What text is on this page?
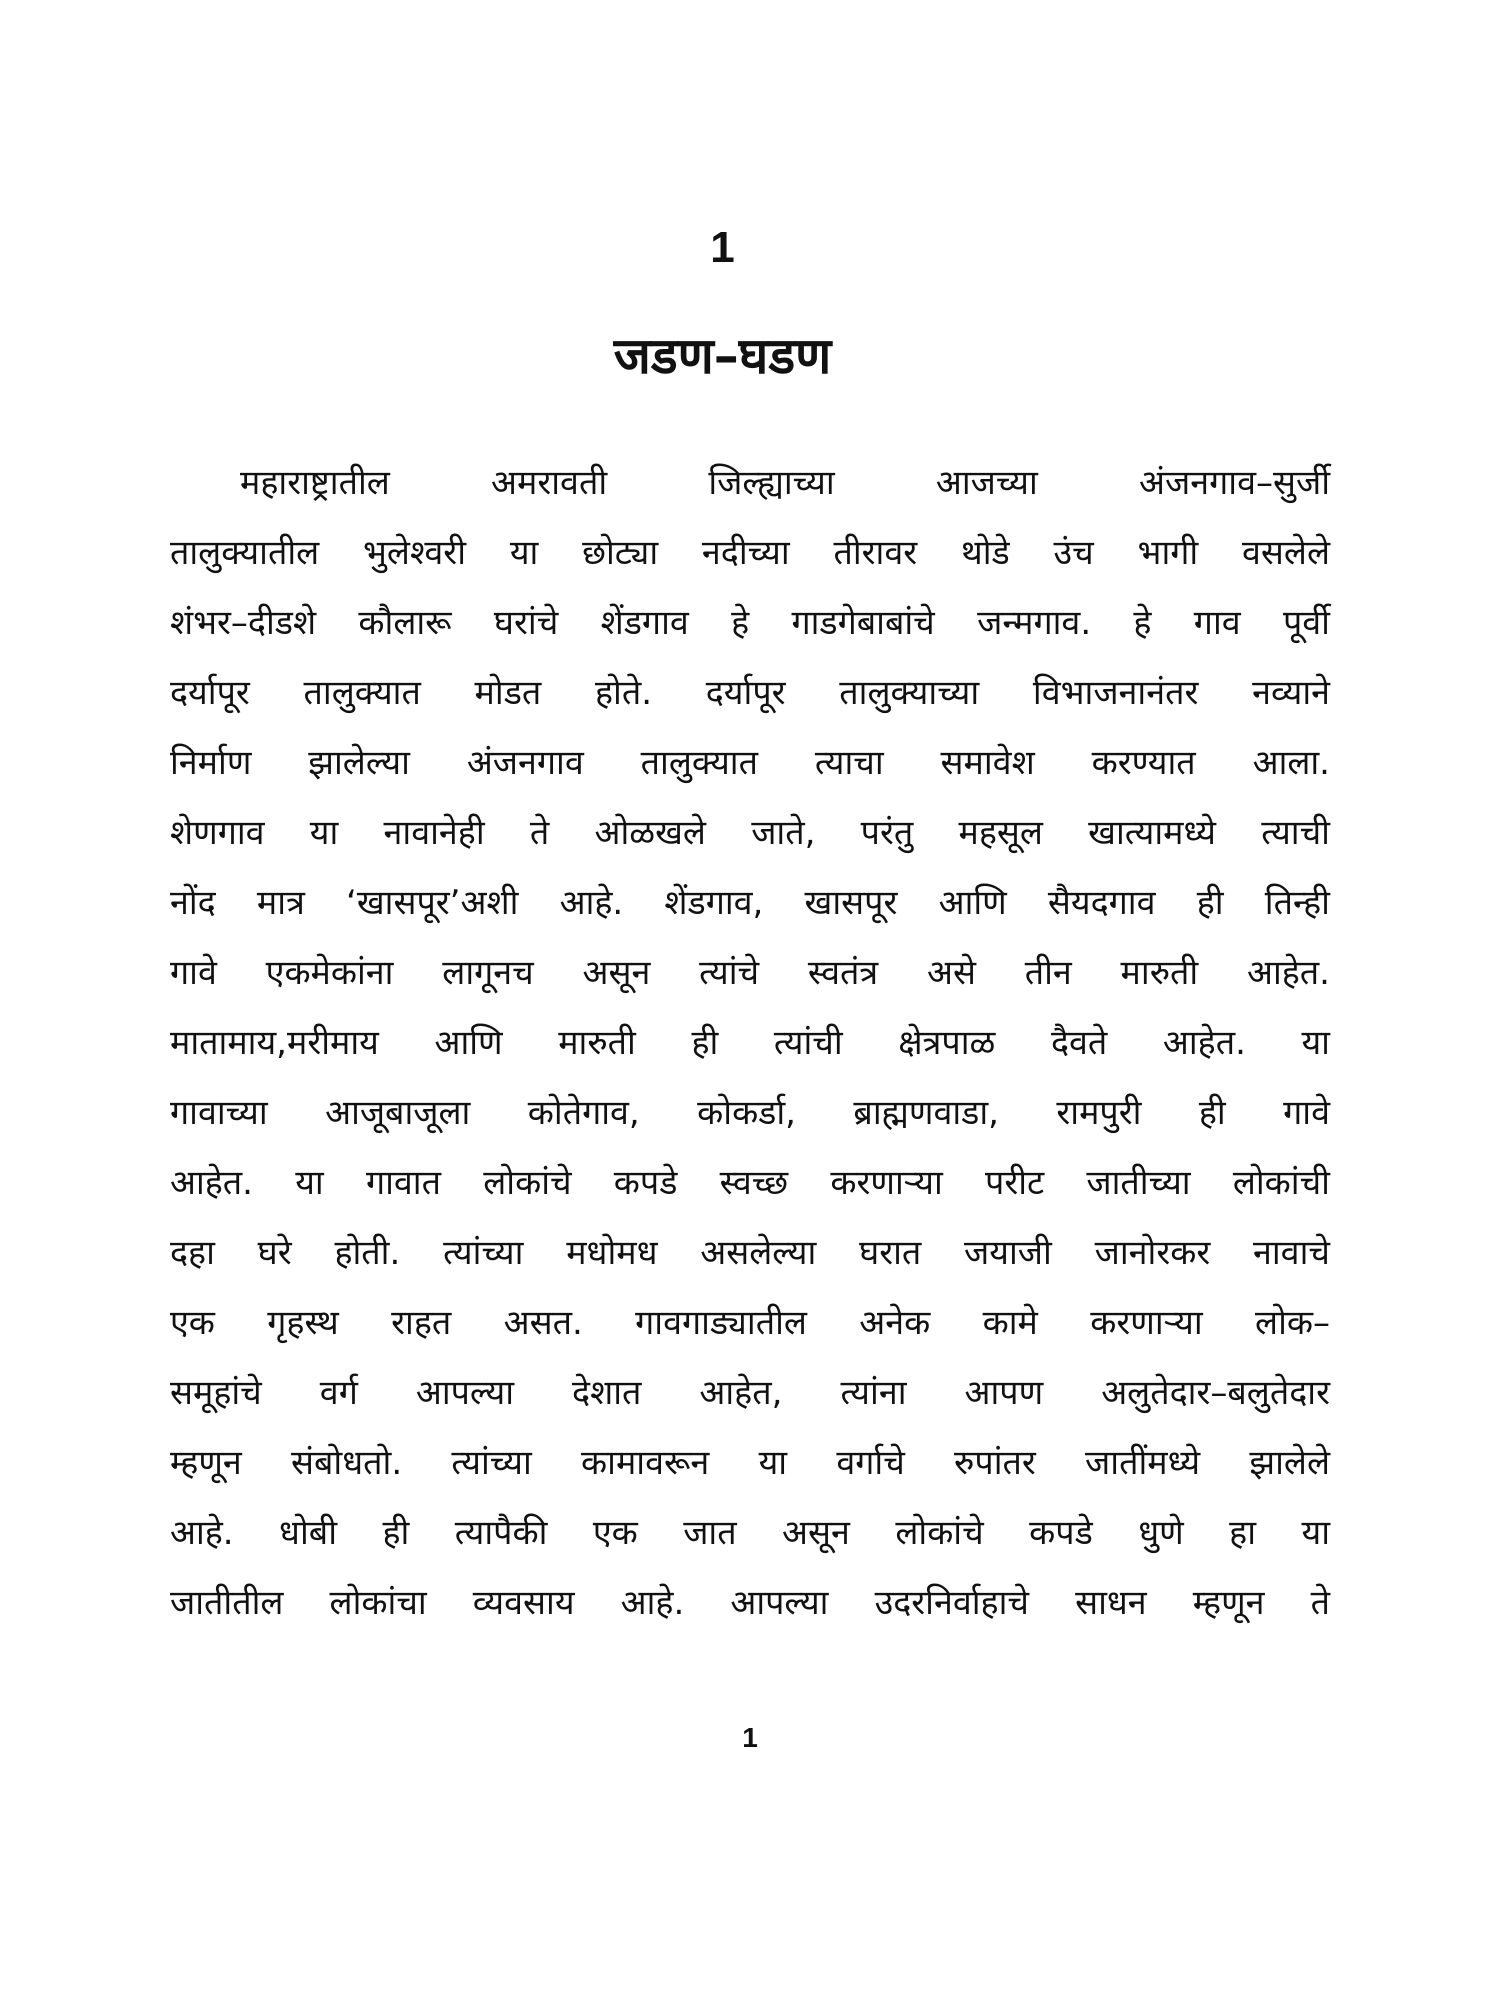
1
जडण–घडण
महाराष्ट्रातील अमरावती जिल्ह्याच्या आजच्या अंजनगाव–सुर्जी
तालुक्यातील भुलेश्वरी या छोट्या नदीच्या तीरावर थोडे उंच भागी वसलेले
शंभर–दीडशे कौलारू घरांचे शेंडगाव हे गाडगेबाबांचे जन्मगाव. हे गाव पूर्वी
दर्यापूर तालुक्यात मोडत होते. दर्यापूर तालुक्याच्या विभाजनानंतर नव्याने
निर्माण झालेल्या अंजनगाव तालुक्यात त्याचा समावेश करण्यात आला.
शेणगाव या नावानेही ते ओळखले जाते, परंतु महसूल खात्यामध्ये त्याची
नोंद मात्र ‘खासपूर’अशी आहे. शेंडगाव, खासपूर आणि सैयदगाव ही तिन्ही
गावे एकमेकांना लागूनच असून त्यांचे स्वतंत्र असे तीन मारुती आहेत.
मातामाय,मरीमाय आणि मारुती ही त्यांची क्षेत्रपाळ दैवते आहेत. या
गावाच्या आजूबाजूला कोतेगाव, कोकर्डा, ब्राह्मणवाडा, रामपुरी ही गावे
आहेत. या गावात लोकांचे कपडे स्वच्छ करणाऱ्या परीट जातीच्या लोकांची
दहा घरे होती. त्यांच्या मधोमध असलेल्या घरात जयाजी जानोरकर नावाचे
एक गृहस्थ राहत असत. गावगाड्यातील अनेक कामे करणाऱ्या लोक–
समूहांचे वर्ग आपल्या देशात आहेत, त्यांना आपण अलुतेदार–बलुतेदार
म्हणून संबोधतो. त्यांच्या कामावरून या वर्गाचे रुपांतर जातींमध्ये झालेले
आहे. धोबी ही त्यापैकी एक जात असून लोकांचे कपडे धुणे हा या
जातीतील लोकांचा व्यवसाय आहे. आपल्या उदरनिर्वाहाचे साधन म्हणून ते
1
